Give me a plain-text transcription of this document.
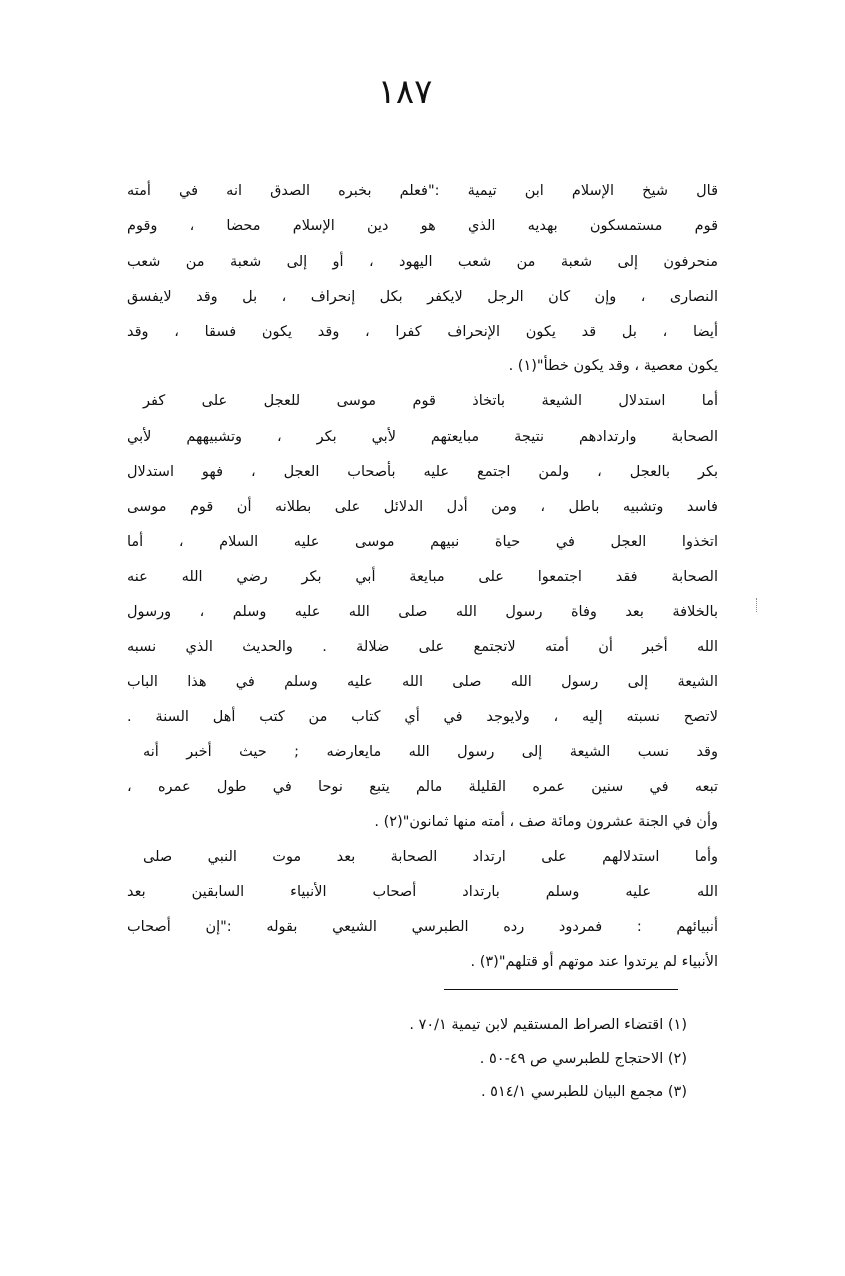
١٨٧
قال شيخ الإسلام ابن تيمية :"فعلم بخبره الصدق انه في أمته
قوم مستمسكون بهديه الذي هو دين الإسلام محضا ، وقوم
منحرفون إلى شعبة من شعب اليهود ، أو إلى شعبة من شعب
النصارى ، وإن كان الرجل لايكفر بكل إنحراف ، بل وقد لايفسق
أيضا ، بل قد يكون الإنحراف كفرا ، وقد يكون فسقا ، وقد
يكون معصية ، وقد يكون خطأ"(١) .
أما استدلال الشيعة باتخاذ قوم موسى للعجل على كفر
الصحابة وارتدادهم نتيجة مبايعتهم لأبي بكر ، وتشبيههم لأبي
بكر بالعجل ، ولمن اجتمع عليه بأصحاب العجل ، فهو استدلال
فاسد وتشبيه باطل ، ومن أدل الدلائل على بطلانه أن قوم موسى
اتخذوا العجل في حياة نبيهم موسى عليه السلام ، أما
الصحابة فقد اجتمعوا على مبايعة أبي بكر رضي الله عنه
بالخلافة بعد وفاة رسول الله صلى الله عليه وسلم ، ورسول
الله أخبر أن أمته لاتجتمع على ضلالة . والحديث الذي نسبه
الشيعة إلى رسول الله صلى الله عليه وسلم في هذا الباب
لاتصح نسبته إليه ، ولايوجد في أي كتاب من كتب أهل السنة .
وقد نسب الشيعة إلى رسول الله مايعارضه ; حيث أخبر أنه
تبعه في سنين عمره القليلة مالم يتبع نوحا في طول عمره ،
وأن في الجنة عشرون ومائة صف ، أمته منها ثمانون"(٢) .
وأما استدلالهم على ارتداد الصحابة بعد موت النبي صلى
الله عليه وسلم بارتداد أصحاب الأنبياء السابقين بعد
أنبيائهم : فمردود رده الطبرسي الشيعي بقوله :"إن أصحاب
الأنبياء لم يرتدوا عند موتهم أو قتلهم"(٣) .
(١) اقتضاء الصراط المستقيم لابن تيمية ٧٠/١ .
(٢) الاحتجاج للطبرسي ص ٤٩-٥٠ .
(٣) مجمع البيان للطبرسي ٥١٤/١ .
